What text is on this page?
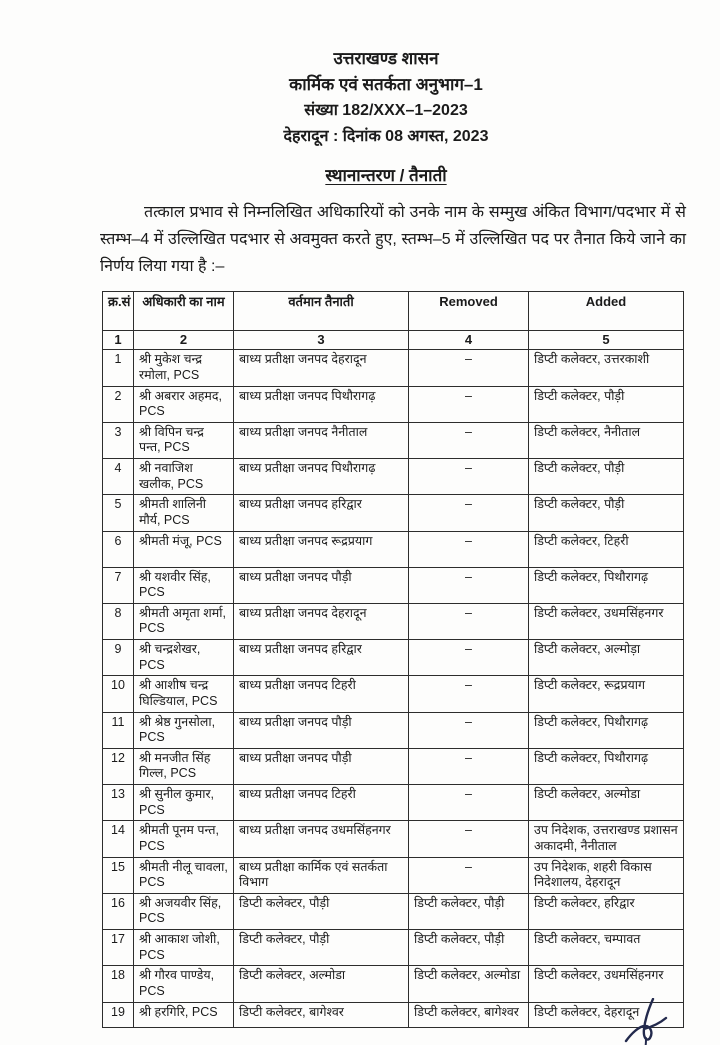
उत्तराखण्ड शासन
कार्मिक एवं सतर्कता अनुभाग–1
संख्या 182/XXX–1–2023
देहरादून : दिनांक 08 अगस्त, 2023
स्थानान्तरण / तैनाती

तत्काल प्रभाव से निम्नलिखित अधिकारियों को उनके नाम के सम्मुख अंकित विभाग/पदभार में से स्तम्भ–4 में उल्लिखित पदभार से अवमुक्त करते हुए, स्तम्भ–5 में उल्लिखित पद पर तैनात किये जाने का निर्णय लिया गया है :–

क्र.सं	अधिकारी का नाम	वर्तमान तैनाती	Removed	Added
1	2	3	4	5
1	श्री मुकेश चन्द्र रमोला, PCS	बाध्य प्रतीक्षा जनपद देहरादून	–	डिप्टी कलेक्टर, उत्तरकाशी
2	श्री अबरार अहमद, PCS	बाध्य प्रतीक्षा जनपद पिथौरागढ़	–	डिप्टी कलेक्टर, पौड़ी
3	श्री विपिन चन्द्र पन्त, PCS	बाध्य प्रतीक्षा जनपद नैनीताल	–	डिप्टी कलेक्टर, नैनीताल
4	श्री नवाजिश खलीक, PCS	बाध्य प्रतीक्षा जनपद पिथौरागढ़	–	डिप्टी कलेक्टर, पौड़ी
5	श्रीमती शालिनी मौर्य, PCS	बाध्य प्रतीक्षा जनपद हरिद्वार	–	डिप्टी कलेक्टर, पौड़ी
6	श्रीमती मंजू, PCS	बाध्य प्रतीक्षा जनपद रूद्रप्रयाग	–	डिप्टी कलेक्टर, टिहरी
7	श्री यशवीर सिंह, PCS	बाध्य प्रतीक्षा जनपद पौड़ी	–	डिप्टी कलेक्टर, पिथौरागढ़
8	श्रीमती अमृता शर्मा, PCS	बाध्य प्रतीक्षा जनपद देहरादून	–	डिप्टी कलेक्टर, उधमसिंहनगर
9	श्री चन्द्रशेखर, PCS	बाध्य प्रतीक्षा जनपद हरिद्वार	–	डिप्टी कलेक्टर, अल्मोड़ा
10	श्री आशीष चन्द्र घिल्डियाल, PCS	बाध्य प्रतीक्षा जनपद टिहरी	–	डिप्टी कलेक्टर, रूद्रप्रयाग
11	श्री श्रेष्ठ गुनसोला, PCS	बाध्य प्रतीक्षा जनपद पौड़ी	–	डिप्टी कलेक्टर, पिथौरागढ़
12	श्री मनजीत सिंह गिल्ल, PCS	बाध्य प्रतीक्षा जनपद पौड़ी	–	डिप्टी कलेक्टर, पिथौरागढ़
13	श्री सुनील कुमार, PCS	बाध्य प्रतीक्षा जनपद टिहरी	–	डिप्टी कलेक्टर, अल्मोडा
14	श्रीमती पूनम पन्त, PCS	बाध्य प्रतीक्षा जनपद उधमसिंहनगर	–	उप निदेशक, उत्तराखण्ड प्रशासन अकादमी, नैनीताल
15	श्रीमती नीलू चावला, PCS	बाध्य प्रतीक्षा कार्मिक एवं सतर्कता विभाग	–	उप निदेशक, शहरी विकास निदेशालय, देहरादून
16	श्री अजयवीर सिंह, PCS	डिप्टी कलेक्टर, पौड़ी	डिप्टी कलेक्टर, पौड़ी	डिप्टी कलेक्टर, हरिद्वार
17	श्री आकाश जोशी, PCS	डिप्टी कलेक्टर, पौड़ी	डिप्टी कलेक्टर, पौड़ी	डिप्टी कलेक्टर, चम्पावत
18	श्री गौरव पाण्डेय, PCS	डिप्टी कलेक्टर, अल्मोडा	डिप्टी कलेक्टर, अल्मोडा	डिप्टी कलेक्टर, उधमसिंहनगर
19	श्री हरगिरि, PCS	डिप्टी कलेक्टर, बागेश्वर	डिप्टी कलेक्टर, बागेश्वर	डिप्टी कलेक्टर, देहरादून
